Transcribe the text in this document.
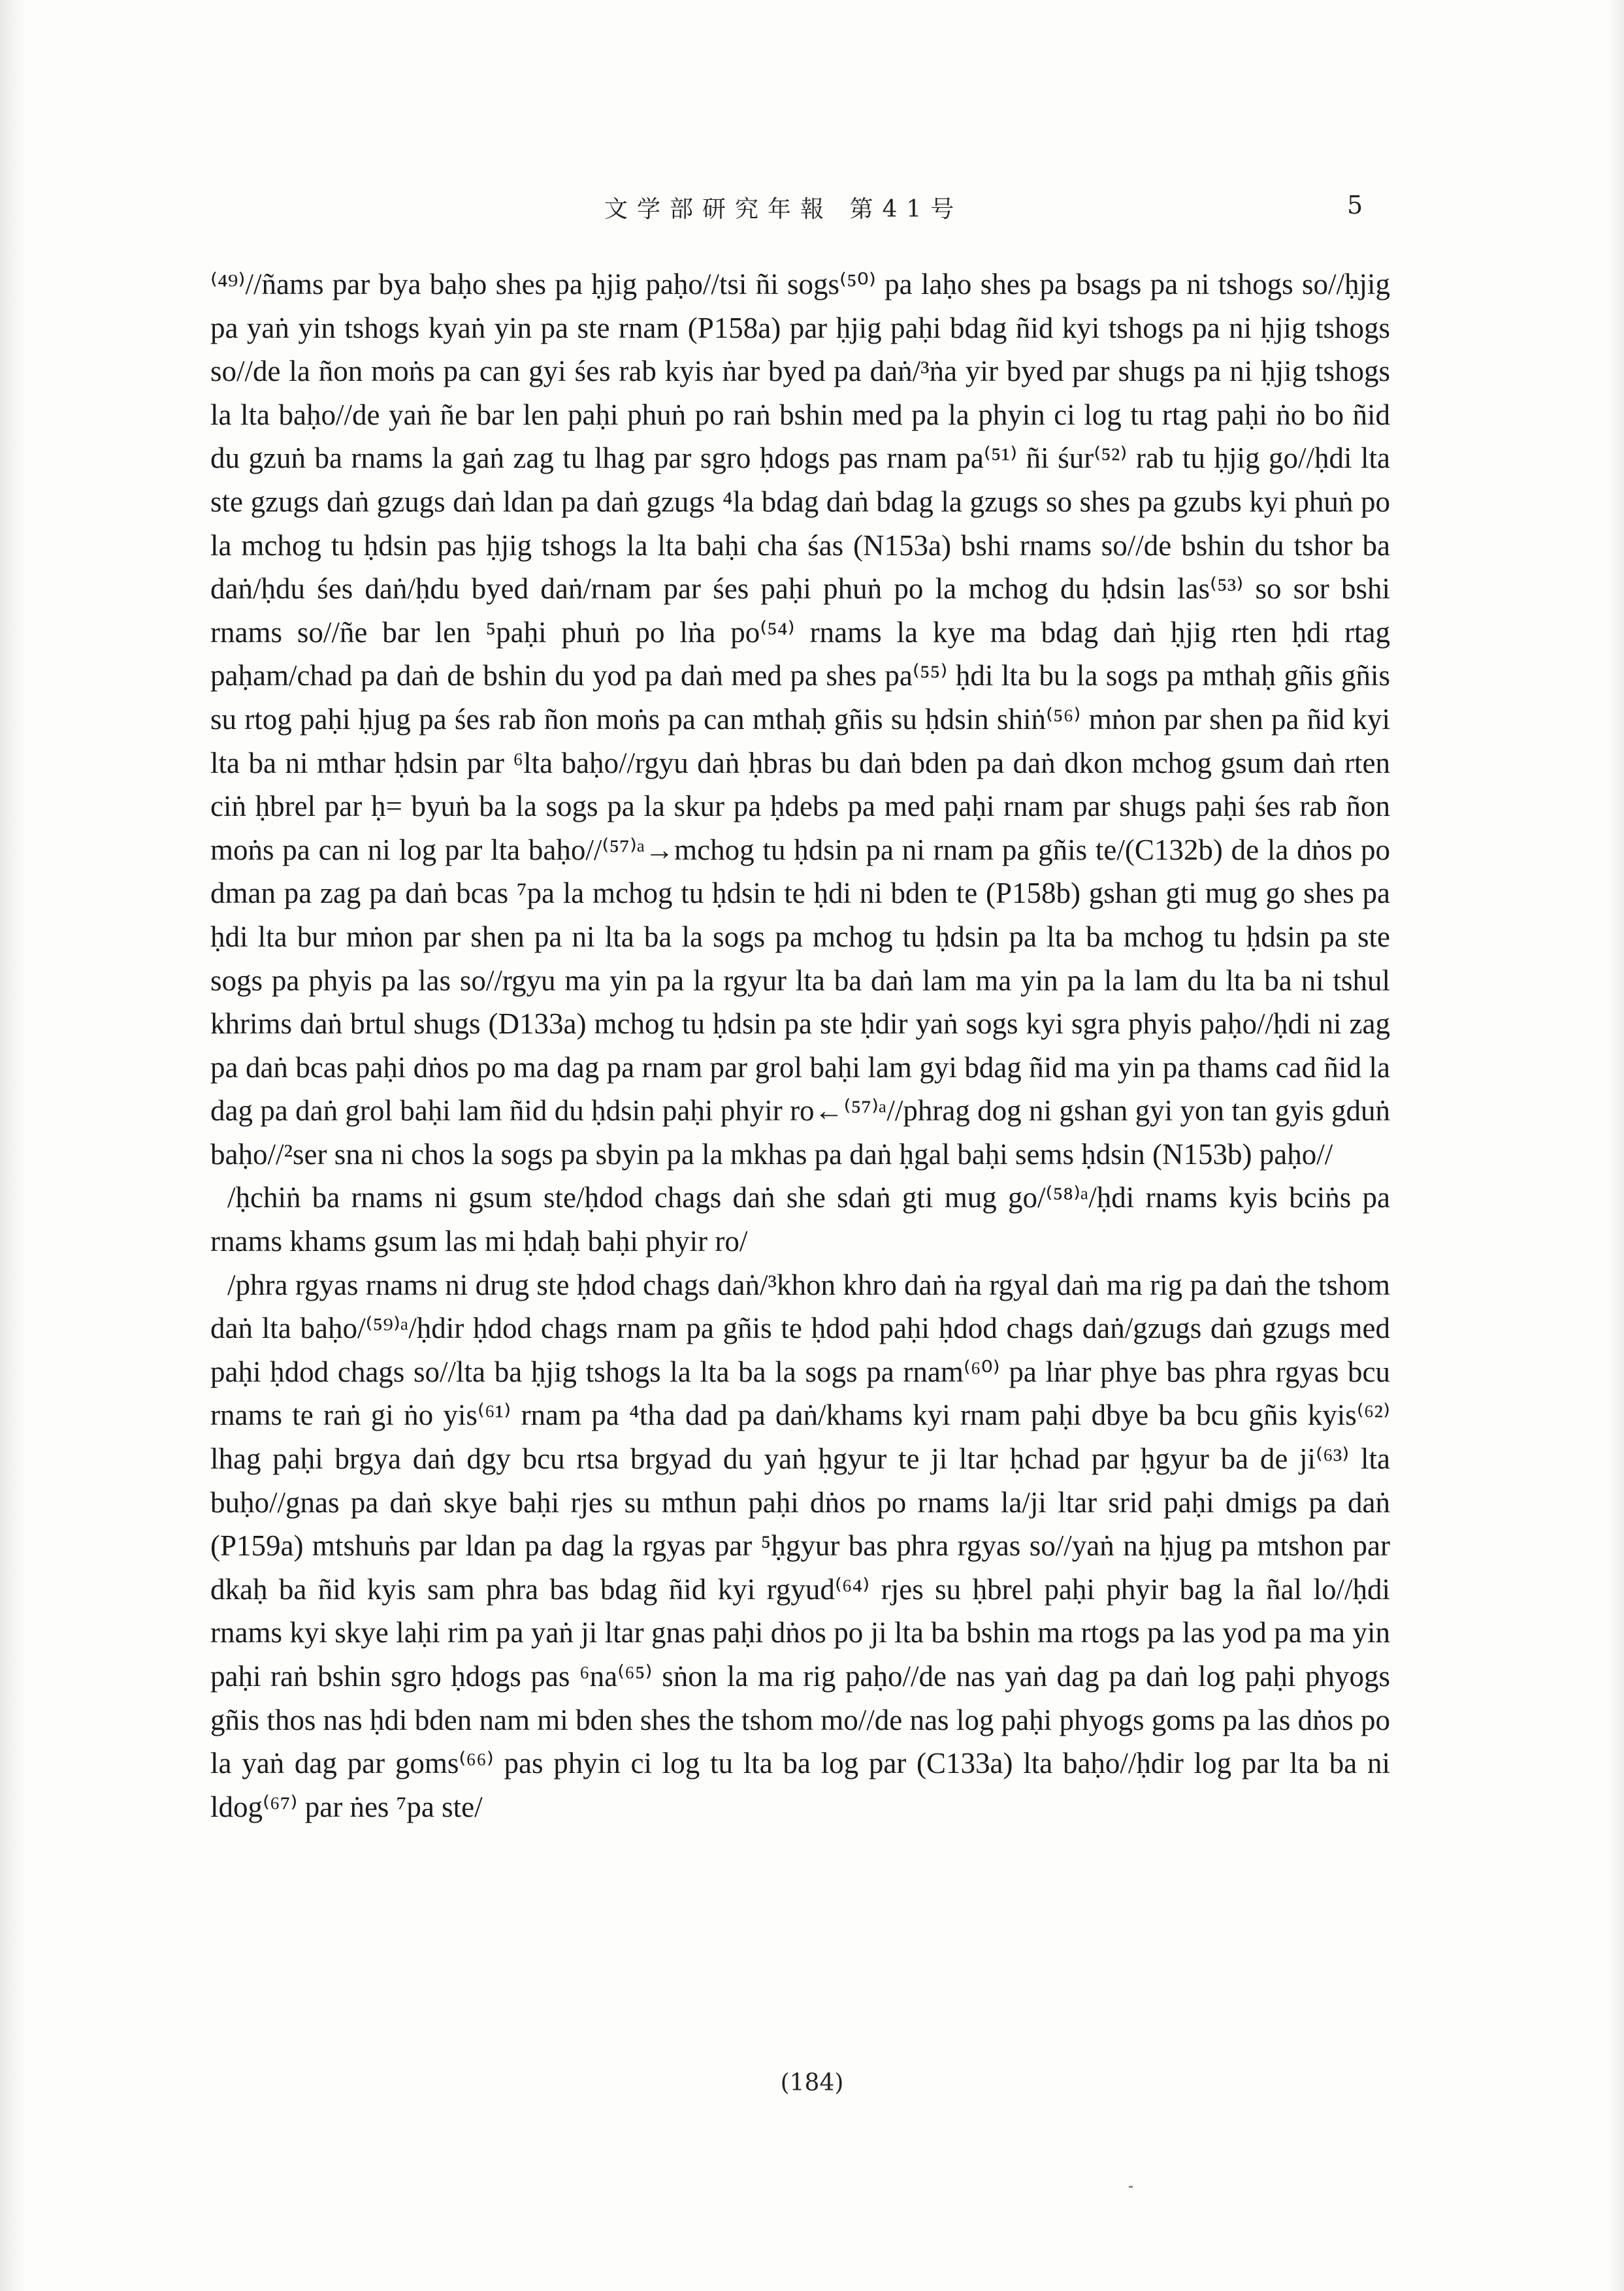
文学部研究年報 第41号	5

⁽⁴⁹⁾//ñams par bya baḥo shes pa ḥjig paḥo//tsi ñi sogs⁽⁵⁰⁾ pa laḥo shes pa bsags pa ni tshogs so//ḥjig pa yaṅ yin tshogs kyaṅ yin pa ste rnam (P158a) par ḥjig paḥi bdag ñid kyi tshogs pa ni ḥjig tshogs so//de la ñon moṅs pa can gyi śes rab kyis ṅar byed pa daṅ/³ṅa yir byed par shugs pa ni ḥjig tshogs la lta baḥo//de yaṅ ñe bar len paḥi phuṅ po raṅ bshin med pa la phyin ci log tu rtag paḥi ṅo bo ñid du gzuṅ ba rnams la gaṅ zag tu lhag par sgro ḥdogs pas rnam pa⁽⁵¹⁾ ñi śur⁽⁵²⁾ rab tu ḥjig go//ḥdi lta ste gzugs daṅ gzugs daṅ ldan pa daṅ gzugs ⁴la bdag daṅ bdag la gzugs so shes pa gzubs kyi phuṅ po la mchog tu ḥdsin pas ḥjig tshogs la lta baḥi cha śas (N153a) bshi rnams so//de bshin du tshor ba daṅ/ḥdu śes daṅ/ḥdu byed daṅ/rnam par śes paḥi phuṅ po la mchog du ḥdsin las⁽⁵³⁾ so sor bshi rnams so//ñe bar len ⁵paḥi phuṅ po lṅa po⁽⁵⁴⁾ rnams la kye ma bdag daṅ ḥjig rten ḥdi rtag paḥam/chad pa daṅ de bshin du yod pa daṅ med pa shes pa⁽⁵⁵⁾ ḥdi lta bu la sogs pa mthaḥ gñis gñis su rtog paḥi ḥjug pa śes rab ñon moṅs pa can mthaḥ gñis su ḥdsin shiṅ⁽⁵⁶⁾ mṅon par shen pa ñid kyi lta ba ni mthar ḥdsin par ⁶lta baḥo//rgyu daṅ ḥbras bu daṅ bden pa daṅ dkon mchog gsum daṅ rten ciṅ ḥbrel par ḥ= byuṅ ba la sogs pa la skur pa ḥdebs pa med paḥi rnam par shugs paḥi śes rab ñon moṅs pa can ni log par lta baḥo//⁽⁵⁷⁾ᵃ→mchog tu ḥdsin pa ni rnam pa gñis te/(C132b) de la dṅos po dman pa zag pa daṅ bcas ⁷pa la mchog tu ḥdsin te ḥdi ni bden te (P158b) gshan gti mug go shes pa ḥdi lta bur mṅon par shen pa ni lta ba la sogs pa mchog tu ḥdsin pa lta ba mchog tu ḥdsin pa ste sogs pa phyis pa las so//rgyu ma yin pa la rgyur lta ba daṅ lam ma yin pa la lam du lta ba ni tshul khrims daṅ brtul shugs (D133a) mchog tu ḥdsin pa ste ḥdir yaṅ sogs kyi sgra phyis paḥo//ḥdi ni zag pa daṅ bcas paḥi dṅos po ma dag pa rnam par grol baḥi lam gyi bdag ñid ma yin pa thams cad ñid la dag pa daṅ grol baḥi lam ñid du ḥdsin paḥi phyir ro←⁽⁵⁷⁾ᵃ//phrag dog ni gshan gyi yon tan gyis gduṅ baḥo//²ser sna ni chos la sogs pa sbyin pa la mkhas pa daṅ ḥgal baḥi sems ḥdsin (N153b) paḥo//

/ḥchiṅ ba rnams ni gsum ste/ḥdod chags daṅ she sdaṅ gti mug go/⁽⁵⁸⁾ᵃ/ḥdi rnams kyis bciṅs pa rnams khams gsum las mi ḥdaḥ baḥi phyir ro/

/phra rgyas rnams ni drug ste ḥdod chags daṅ/³khon khro daṅ ṅa rgyal daṅ ma rig pa daṅ the tshom daṅ lta baḥo/⁽⁵⁹⁾ᵃ/ḥdir ḥdod chags rnam pa gñis te ḥdod paḥi ḥdod chags daṅ/gzugs daṅ gzugs med paḥi ḥdod chags so//lta ba ḥjig tshogs la lta ba la sogs pa rnam⁽⁶⁰⁾ pa lṅar phye bas phra rgyas bcu rnams te raṅ gi ṅo yis⁽⁶¹⁾ rnam pa ⁴tha dad pa daṅ/khams kyi rnam paḥi dbye ba bcu gñis kyis⁽⁶²⁾ lhag paḥi brgya daṅ dgy bcu rtsa brgyad du yaṅ ḥgyur te ji ltar ḥchad par ḥgyur ba de ji⁽⁶³⁾ lta buḥo//gnas pa daṅ skye baḥi rjes su mthun paḥi dṅos po rnams la/ji ltar srid paḥi dmigs pa daṅ (P159a) mtshuṅs par ldan pa dag la rgyas par ⁵ḥgyur bas phra rgyas so//yaṅ na ḥjug pa mtshon par dkaḥ ba ñid kyis sam phra bas bdag ñid kyi rgyud⁽⁶⁴⁾ rjes su ḥbrel paḥi phyir bag la ñal lo//ḥdi rnams kyi skye laḥi rim pa yaṅ ji ltar gnas paḥi dṅos po ji lta ba bshin ma rtogs pa las yod pa ma yin paḥi raṅ bshin sgro ḥdogs pas ⁶na⁽⁶⁵⁾ sṅon la ma rig paḥo//de nas yaṅ dag pa daṅ log paḥi phyogs gñis thos nas ḥdi bden nam mi bden shes the tshom mo//de nas log paḥi phyogs goms pa las dṅos po la yaṅ dag par goms⁽⁶⁶⁾ pas phyin ci log tu lta ba log par (C133a) lta baḥo//ḥdir log par lta ba ni ldog⁽⁶⁷⁾ par ṅes ⁷pa ste/

(184)
